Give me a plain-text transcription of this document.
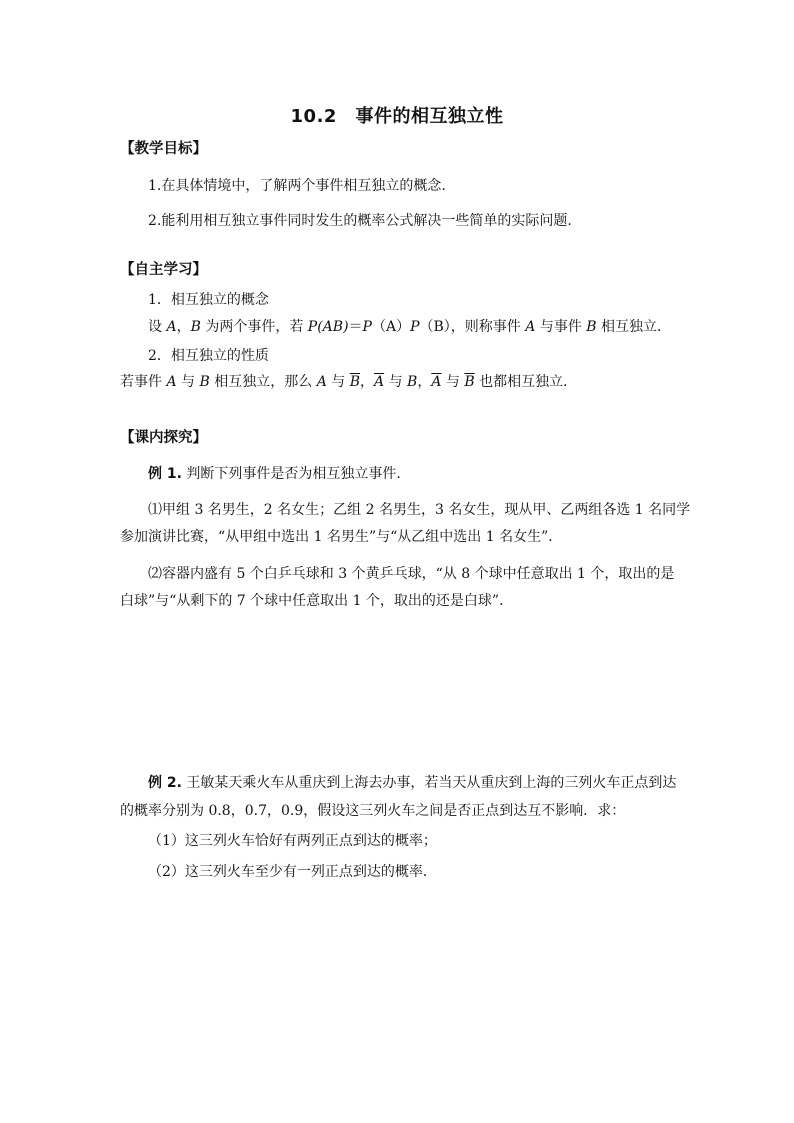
10.2　事件的相互独立性
【教学目标】
1.在具体情境中，了解两个事件相互独立的概念.
2.能利用相互独立事件同时发生的概率公式解决一些简单的实际问题.
【自主学习】
1．相互独立的概念
设 A，B 为两个事件，若 P(AB)＝P（A）P（B），则称事件 A 与事件 B 相互独立．
2．相互独立的性质
若事件 A 与 B 相互独立，那么 A 与 $\overline{B}$，$\overline{A}$ 与 B，$\overline{A}$ 与 $\overline{B}$ 也都相互独立．
【课内探究】
例 1. 判断下列事件是否为相互独立事件.
⑴甲组 3 名男生，2 名女生；乙组 2 名男生，3 名女生，现从甲、乙两组各选 1 名同学
参加演讲比赛，“从甲组中选出 1 名男生”与“从乙组中选出 1 名女生”．
⑵容器内盛有 5 个白乒乓球和 3 个黄乒乓球，“从 8 个球中任意取出 1 个，取出的是
白球”与“从剩下的 7 个球中任意取出 1 个，取出的还是白球”．
例 2. 王敏某天乘火车从重庆到上海去办事，若当天从重庆到上海的三列火车正点到达
的概率分别为 0.8，0.7，0.9，假设这三列火车之间是否正点到达互不影响．求：
（1）这三列火车恰好有两列正点到达的概率；
（2）这三列火车至少有一列正点到达的概率．
